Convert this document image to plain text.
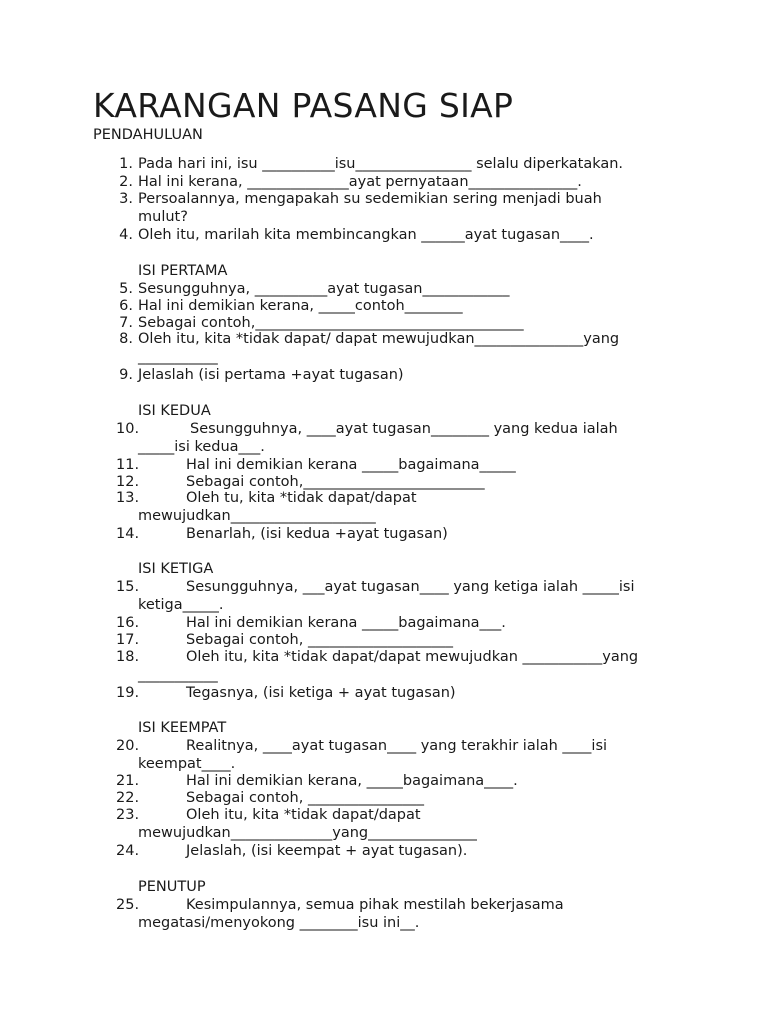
KARANGAN PASANG SIAP
PENDAHULUAN
1. Pada hari ini, isu __________isu________________ selalu diperkatakan.
2. Hal ini kerana, ______________ayat pernyataan_______________.
3. Persoalannya, mengapakah su sedemikian sering menjadi buah mulut?
4. Oleh itu, marilah kita membincangkan ______ayat tugasan____.
ISI PERTAMA
5. Sesungguhnya, __________ayat tugasan____________
6. Hal ini demikian kerana, _____contoh________
7. Sebagai contoh,_____________________________________
8. Oleh itu, kita *tidak dapat/ dapat mewujudkan_______________yang ___________
9. Jelaslah (isi pertama +ayat tugasan)
ISI KEDUA
10.	Sesungguhnya, ____ayat tugasan________ yang kedua ialah _____isi kedua___.
11.	Hal ini demikian kerana _____bagaimana_____
12.	Sebagai contoh,_________________________
13.	Oleh tu, kita *tidak dapat/dapat mewujudkan____________________
14.	Benarlah, (isi kedua +ayat tugasan)
ISI KETIGA
15.	Sesungguhnya, ___ayat tugasan____ yang ketiga ialah _____isi ketiga_____.
16.	Hal ini demikian kerana _____bagaimana___.
17.	Sebagai contoh, ____________________
18.	Oleh itu, kita *tidak dapat/dapat mewujudkan ___________yang ___________
19.	Tegasnya, (isi ketiga + ayat tugasan)
ISI KEEMPAT
20.	Realitnya, ____ayat tugasan____ yang terakhir ialah ____isi keempat____.
21.	Hal ini demikian kerana, _____bagaimana____.
22.	Sebagai contoh, ________________
23.	Oleh itu, kita *tidak dapat/dapat mewujudkan______________yang_______________
24.	Jelaslah, (isi keempat + ayat tugasan).
PENUTUP
25.	Kesimpulannya, semua pihak mestilah bekerjasama megatasi/menyokong ________isu ini__.
